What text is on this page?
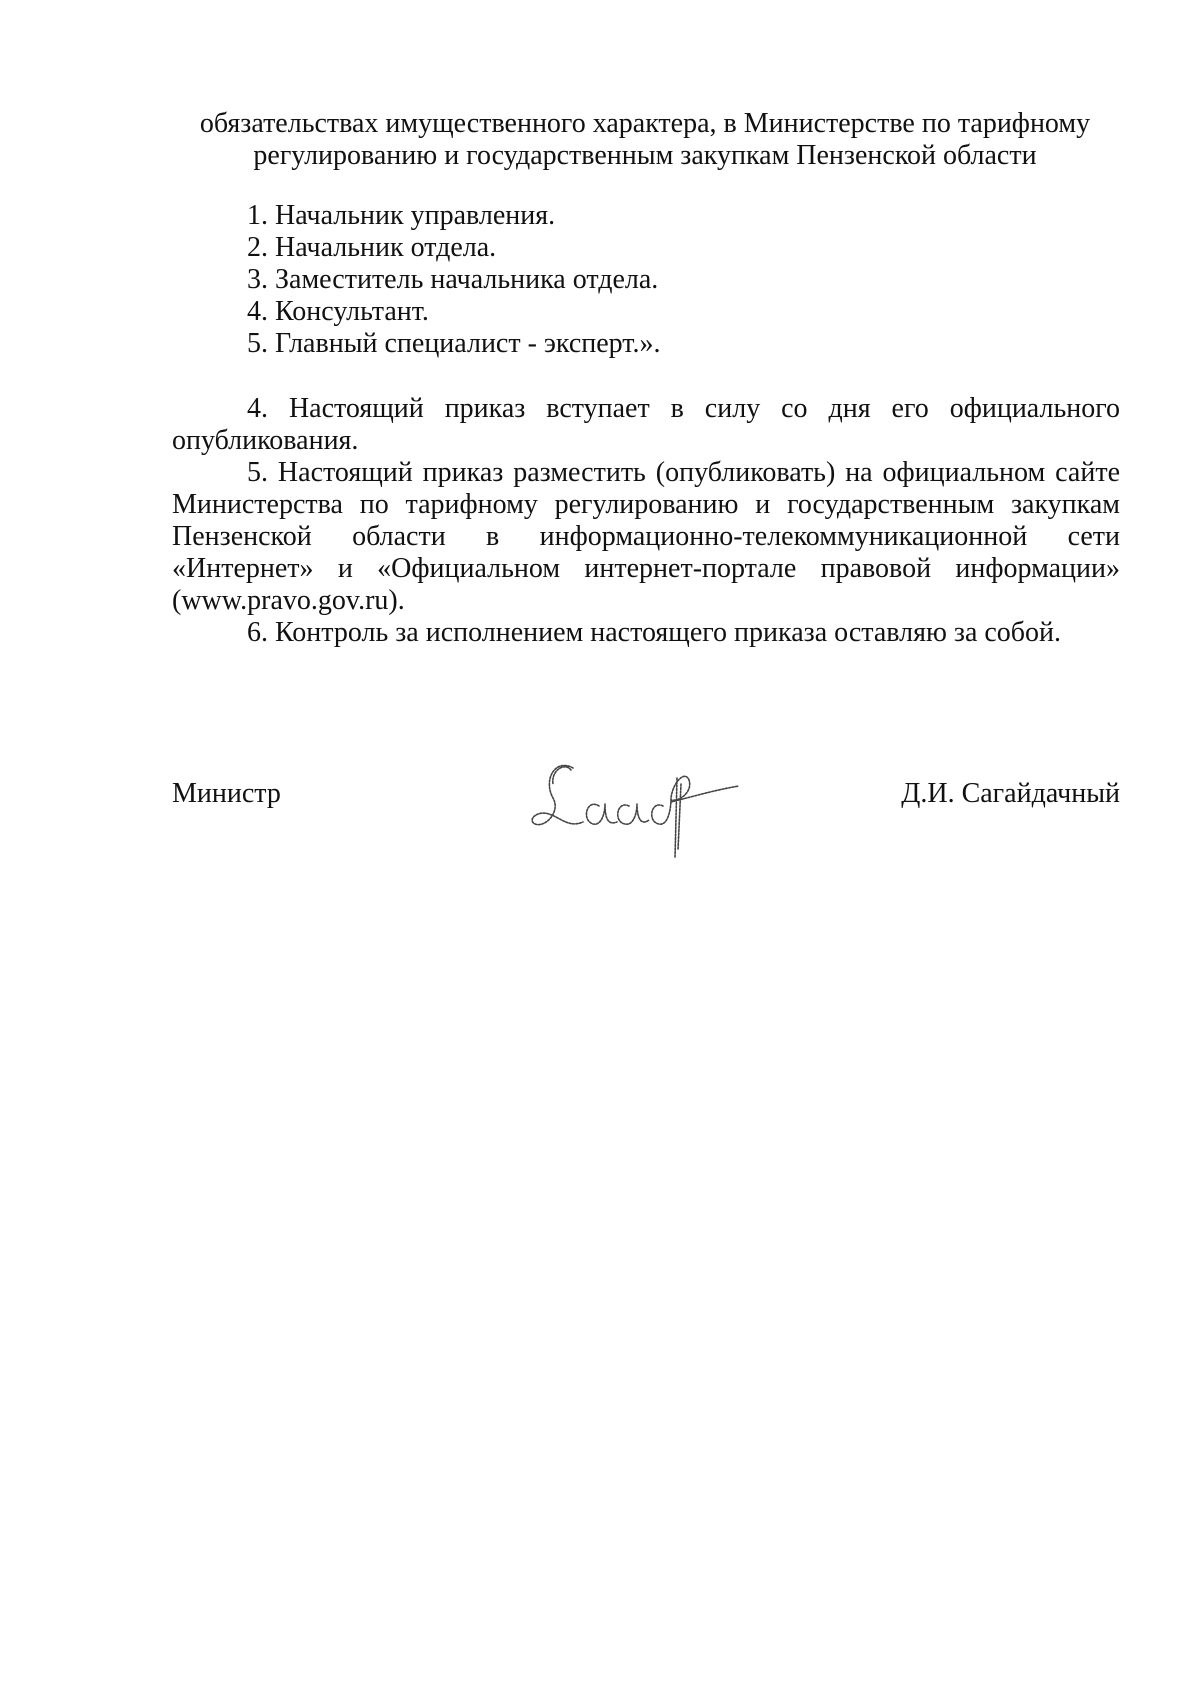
обязательствах имущественного характера, в Министерстве по тарифному
регулированию и государственным закупкам Пензенской области
1. Начальник управления.
2. Начальник отдела.
3. Заместитель начальника отдела.
4. Консультант.
5. Главный специалист - эксперт.».

4. Настоящий приказ вступает в силу со дня его официального опубликования.

5. Настоящий приказ разместить (опубликовать) на официальном сайте Министерства по тарифному регулированию и государственным закупкам Пензенской области в информационно-телекоммуникационной сети «Интернет» и «Официальном интернет-портале правовой информации» (www.pravo.gov.ru).

6. Контроль за исполнением настоящего приказа оставляю за собой.

Министр	Д.И. Сагайдачный
